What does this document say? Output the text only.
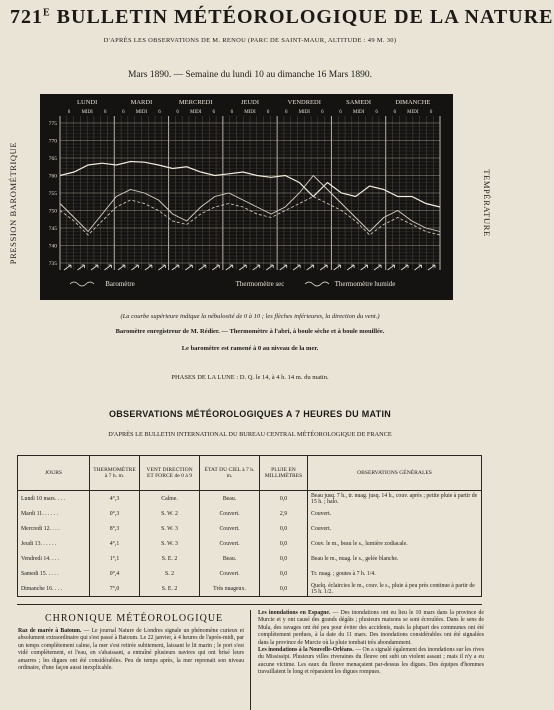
$721^E$ BULLETIN MÉTÉOROLOGIQUE DE LA NATURE
D'APRÈS LES OBSERVATIONS DE M. RENOU (PARC DE SAINT-MAUR, ALTITUDE : 49 M. 30)
Mars 1890. — Semaine du lundi 10 au dimanche 16 Mars 1890.
PRESSION BAROMÉTRIQUE	TEMPÉRATURE
LUNDI
6 MIDI 6
MARDI
6 MIDI 6
MERCREDI
6 MIDI 6
JEUDI
6 MIDI 6
VENDREDI
6 MIDI 6
SAMEDI
6 MIDI 6
DIMANCHE
6 MIDI 6
775
770
765
760
755
750
745
740
735
Baromètre	Thermomètre sec	Thermomètre humide
(La courbe supérieure indique la nébulosité de 0 à 10 ; les flèches inférieures, la direction du vent.)
Baromètre enregistreur de M. Rédier. — Thermomètre à l'abri, à boule sèche et à boule mouillée.
Le baromètre est ramené à 0 au niveau de la mer.
PHASES DE LA LUNE : D. Q. le 14, à 4 h. 14 m. du matin.
OBSERVATIONS MÉTÉOROLOGIQUES A 7 HEURES DU MATIN
D'APRÈS LE BULLETIN INTERNATIONAL DU BUREAU CENTRAL MÉTÉOROLOGIQUE DE FRANCE
JOURS	THERMOMÈTRE à 7 h. m.	VENT DIRECTION ET FORCE de 0 à 9	ÉTAT DU CIEL à 7 h. m.	PLUIE EN MILLIMÈTRES	OBSERVATIONS GÉNÉRALES
Lundi 10 mars. . . .	4°,3	Calme.	Beau.	0,0	Beau jusq. 7 h., tr. nuag. jusq. 14 h., couv. après ; petite pluie à partir de 15 h. ; halo.
Mardi 11. . . . . .	0°,3	S. W. 2	Couvert.	2,9	Couvert.
Mercredi 12. . . .	8°,3	S. W. 3	Couvert.	0,0	Couvert.
Jeudi 13. . . . . .	4°,1	S. W. 3	Couvert.	0,0	Couv. le m., beau le s., lumière zodiacale.
Vendredi 14. . . .	1°,1	S. E. 2	Beau.	0,0	Beau le m., nuag. le s., gelée blanche.
Samedi 15. . . . .	0°,4	S. 2	Couvert.	0,0	Tr. nuag. ; goutes à 7 h. 1/4.
Dimanche 16. . . .	7°,0	S. E. 2	Très nuageux.	0,0	Quelq. éclaircies le m., couv. le s., pluie à peu près continue à partir de 15 h. 1/2.
CHRONIQUE MÉTÉOROLOGIQUE
Raz de marée à Batoum. — Le journal Nature de Londres signale un phénomène curieux et absolument extraordinaire qui s'est passé à Batoum. Le 22 janvier, à 4 heures de l'après-midi, par un temps complètement calme, la mer s'est retirée subitement, laissant le lit marin ; le port s'est vidé complètement, et l'eau, en s'abaissant, a entraîné plusieurs navires qui ont brisé leurs amarres ; les digues ont été considérables. Peu de temps après, la mer reprenait son niveau ordinaire, d'une façon aussi inexplicable.
Les inondations en Espagne. — Des inondations ont eu lieu le 10 mars dans la province de Murcie et y ont causé des grands dégâts ; plusieurs maisons se sont écroulées. Dans le sens de Mula, des ravages ont été peu pour éviter des accidents, mais la plupart des communes ont été complètement perdues, à la date du 11 mars. Des inondations considérables ont été signalées dans la province de Murcie où la pluie tombait très abondamment.
Les inondations à la Nouvelle-Orléans. — On a signalé également des inondations sur les rives du Mississipi. Plusieurs villes riveraines du fleuve ont subi un violent assaut ; mais il n'y a eu aucune victime. Les eaux du fleuve menaçaient par-dessus les digues. Des équipes d'hommes travaillaient le long et réparaient les digues rompues.
